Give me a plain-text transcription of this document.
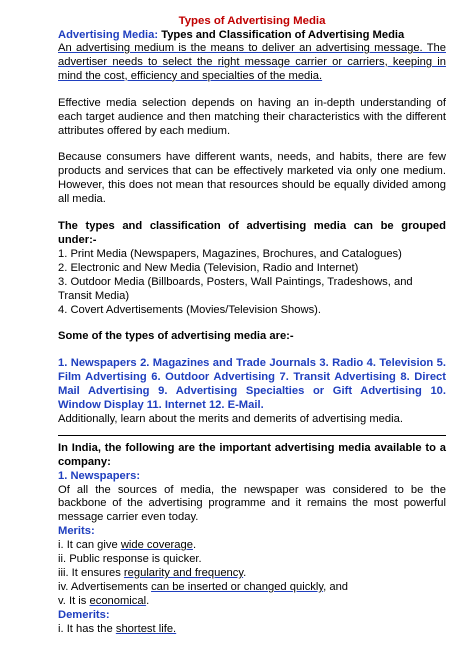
Types of Advertising Media
Advertising Media: Types and Classification of Advertising Media

An advertising medium is the means to deliver an advertising message. The advertiser needs to select the right message carrier or carriers, keeping in mind the cost, efficiency and specialties of the media.

Effective media selection depends on having an in-depth understanding of each target audience and then matching their characteristics with the different attributes offered by each medium.

Because consumers have different wants, needs, and habits, there are few products and services that can be effectively marketed via only one medium. However, this does not mean that resources should be equally divided among all media.

The types and classification of advertising media can be grouped under:-

1. Print Media (Newspapers, Magazines, Brochures, and Catalogues)
2. Electronic and New Media (Television, Radio and Internet)
3. Outdoor Media (Billboards, Posters, Wall Paintings, Tradeshows, and Transit Media)
4. Covert Advertisements (Movies/Television Shows).

Some of the types of advertising media are:-

1. Newspapers 2. Magazines and Trade Journals 3. Radio 4. Television 5. Film Advertising 6. Outdoor Advertising 7. Transit Advertising 8. Direct Mail Advertising 9. Advertising Specialties or Gift Advertising 10. Window Display 11. Internet 12. E-Mail.

Additionally, learn about the merits and demerits of advertising media.

In India, the following are the important advertising media available to a company:

1. Newspapers:

Of all the sources of media, the newspaper was considered to be the backbone of the advertising programme and it remains the most powerful message carrier even today.

Merits:
i. It can give wide coverage.
ii. Public response is quicker.
iii. It ensures regularity and frequency.
iv. Advertisements can be inserted or changed quickly, and
v. It is economical.
Demerits:
i. It has the shortest life.
